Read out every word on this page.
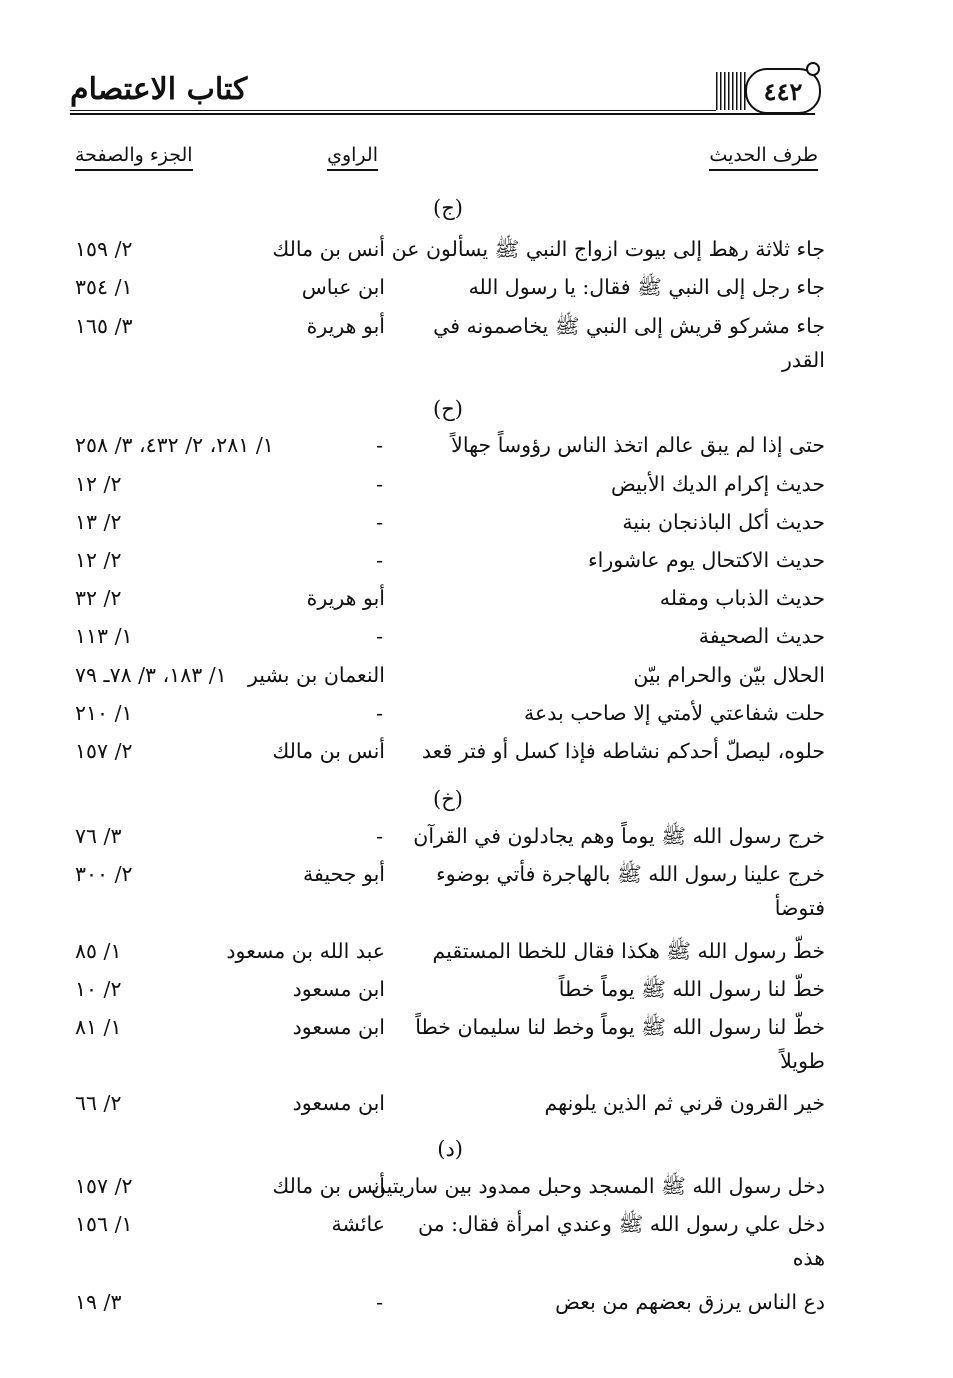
كتاب الاعتصام	٤٤٢
طرف الحديث
الراوي
الجزء والصفحة
(ج)
جاء ثلاثة رهط إلى بيوت ازواج النبي ﷺ يسألون عن
أنس بن مالك
٢/ ١٥٩
جاء رجل إلى النبي ﷺ فقال: يا رسول الله
ابن عباس
١/ ٣٥٤
جاء مشركو قريش إلى النبي ﷺ يخاصمونه في
أبو هريرة
٣/ ١٦٥
القدر
(ح)
حتى إذا لم يبق عالم اتخذ الناس رؤوساً جهالاً
-
١/ ٢٨١، ٢/ ٤٣٢، ٣/ ٢٥٨
حديث إكرام الديك الأبيض
-
٢/ ١٢
حديث أكل الباذنجان بنية
-
٢/ ١٣
حديث الاكتحال يوم عاشوراء
-
٢/ ١٢
حديث الذباب ومقله
أبو هريرة
٢/ ٣٢
حديث الصحيفة
-
١/ ١١٣
الحلال بيّن والحرام بيّن
النعمان بن بشير
١/ ١٨٣، ٣/ ٧٨ـ ٧٩
حلت شفاعتي لأمتي إلا صاحب بدعة
-
١/ ٢١٠
حلوه، ليصلّ أحدكم نشاطه فإذا كسل أو فتر قعد
أنس بن مالك
٢/ ١٥٧
(خ)
خرج رسول الله ﷺ يوماً وهم يجادلون في القرآن
-
٣/ ٧٦
خرج علينا رسول الله ﷺ بالهاجرة فأتي بوضوء
أبو جحيفة
٢/ ٣٠٠
فتوضأ
خطّ رسول الله ﷺ هكذا فقال للخطا المستقيم
عبد الله بن مسعود
١/ ٨٥
خطّ لنا رسول الله ﷺ يوماً خطاً
ابن مسعود
٢/ ١٠
خطّ لنا رسول الله ﷺ يوماً وخط لنا سليمان خطاً
ابن مسعود
١/ ٨١
طويلاً
خير القرون قرني ثم الذين يلونهم
ابن مسعود
٢/ ٦٦
(د)
دخل رسول الله ﷺ المسجد وحبل ممدود بين ساريتين
أنس بن مالك
٢/ ١٥٧
دخل علي رسول الله ﷺ وعندي امرأة فقال: من
عائشة
١/ ١٥٦
هذه
دع الناس يرزق بعضهم من بعض
-
٣/ ١٩
